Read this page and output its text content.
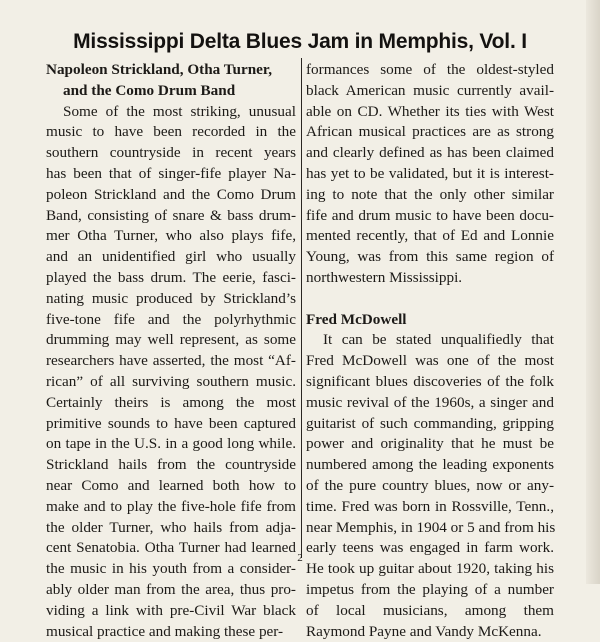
Mississippi Delta Blues Jam in Memphis, Vol. I
Napoleon Strickland, Otha Turner,
and the Como Drum Band
Some of the most striking, unusual
music to have been recorded in the
southern countryside in recent years
has been that of singer-fife player Na-
poleon Strickland and the Como Drum
Band, consisting of snare & bass drum-
mer Otha Turner, who also plays fife,
and an unidentified girl who usually
played the bass drum. The eerie, fasci-
nating music produced by Strickland’s
five-tone fife and the polyrhythmic
drumming may well represent, as some
researchers have asserted, the most “Af-
rican” of all surviving southern music.
Certainly theirs is among the most
primitive sounds to have been captured
on tape in the U.S. in a good long while.
Strickland hails from the countryside
near Como and learned both how to
make and to play the five-hole fife from
the older Turner, who hails from adja-
cent Senatobia. Otha Turner had learned
the music in his youth from a consider-
ably older man from the area, thus pro-
viding a link with pre-Civil War black
musical practice and making these per-
formances some of the oldest-styled
black American music currently avail-
able on CD. Whether its ties with West
African musical practices are as strong
and clearly defined as has been claimed
has yet to be validated, but it is interest-
ing to note that the only other similar
fife and drum music to have been docu-
mented recently, that of Ed and Lonnie
Young, was from this same region of
northwestern Mississippi.
Fred McDowell
It can be stated unqualifiedly that
Fred McDowell was one of the most
significant blues discoveries of the folk
music revival of the 1960s, a singer and
guitarist of such commanding, gripping
power and originality that he must be
numbered among the leading exponents
of the pure country blues, now or any-
time. Fred was born in Rossville, Tenn.,
near Memphis, in 1904 or 5 and from his
early teens was engaged in farm work.
He took up guitar about 1920, taking his
impetus from the playing of a number
of local musicians, among them
Raymond Payne and Vandy McKenna.
2
